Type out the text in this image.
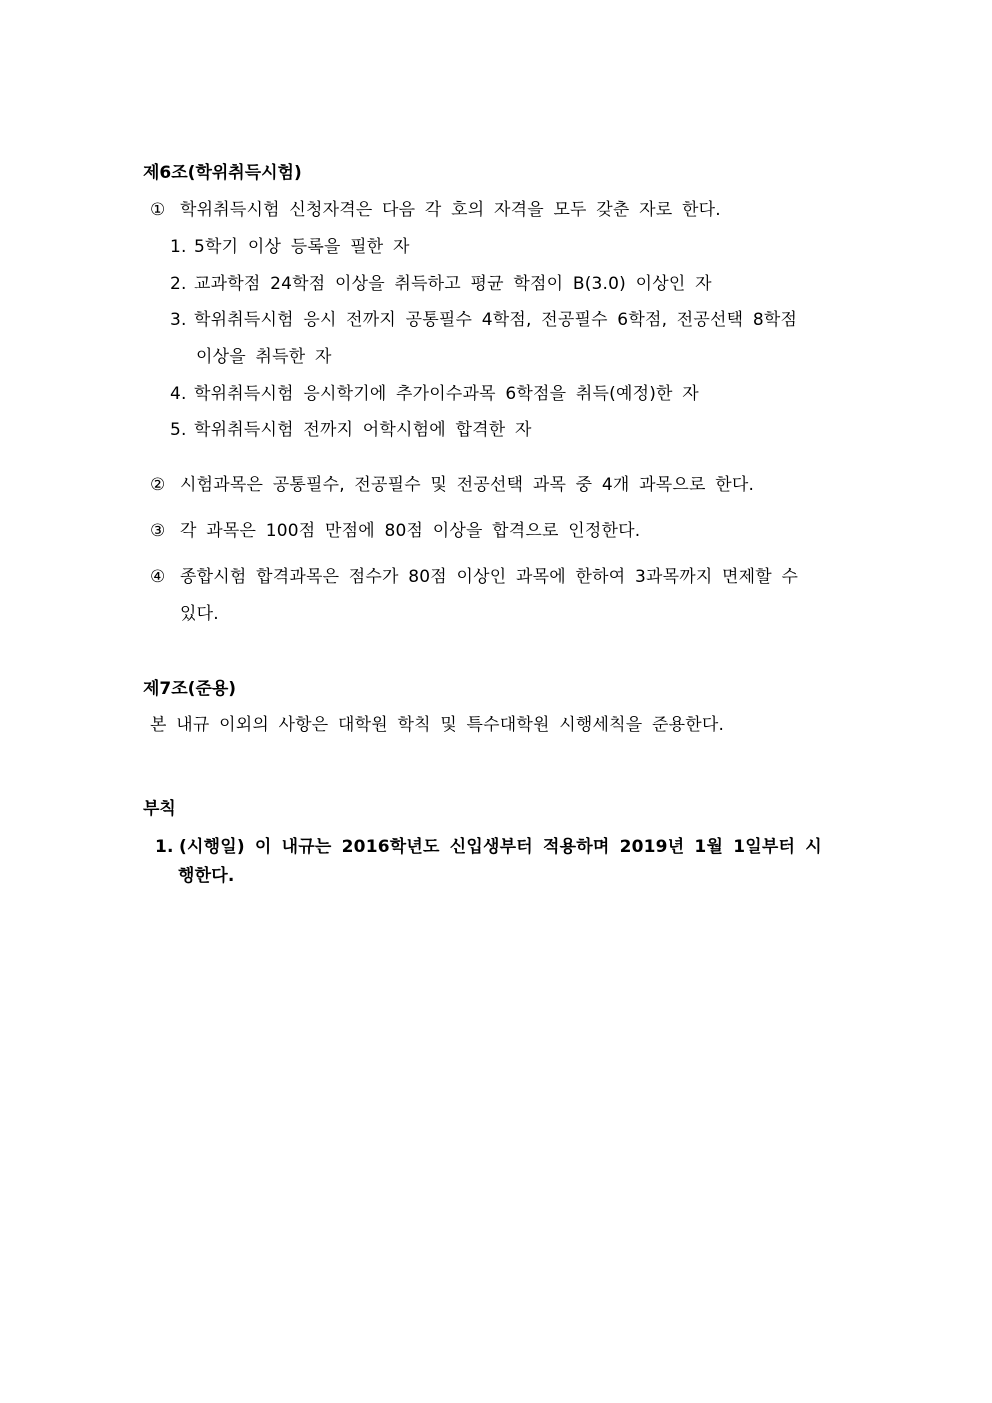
제6조(학위취득시험)
① 학위취득시험 신청자격은 다음 각 호의 자격을 모두 갖춘 자로 한다.
1. 5학기 이상 등록을 필한 자
2. 교과학점 24학점 이상을 취득하고 평균 학점이 B(3.0) 이상인 자
3. 학위취득시험 응시 전까지 공통필수 4학점, 전공필수 6학점, 전공선택 8학점
이상을 취득한 자
4. 학위취득시험 응시학기에 추가이수과목 6학점을 취득(예정)한 자
5. 학위취득시험 전까지 어학시험에 합격한 자
② 시험과목은 공통필수, 전공필수 및 전공선택 과목 중 4개 과목으로 한다.
③ 각 과목은 100점 만점에 80점 이상을 합격으로 인정한다.
④ 종합시험 합격과목은 점수가 80점 이상인 과목에 한하여 3과목까지 면제할 수
있다.
제7조(준용)
본 내규 이외의 사항은 대학원 학칙 및 특수대학원 시행세칙을 준용한다.
부칙
1. (시행일) 이 내규는 2016학년도 신입생부터 적용하며 2019년 1월 1일부터 시
행한다.
